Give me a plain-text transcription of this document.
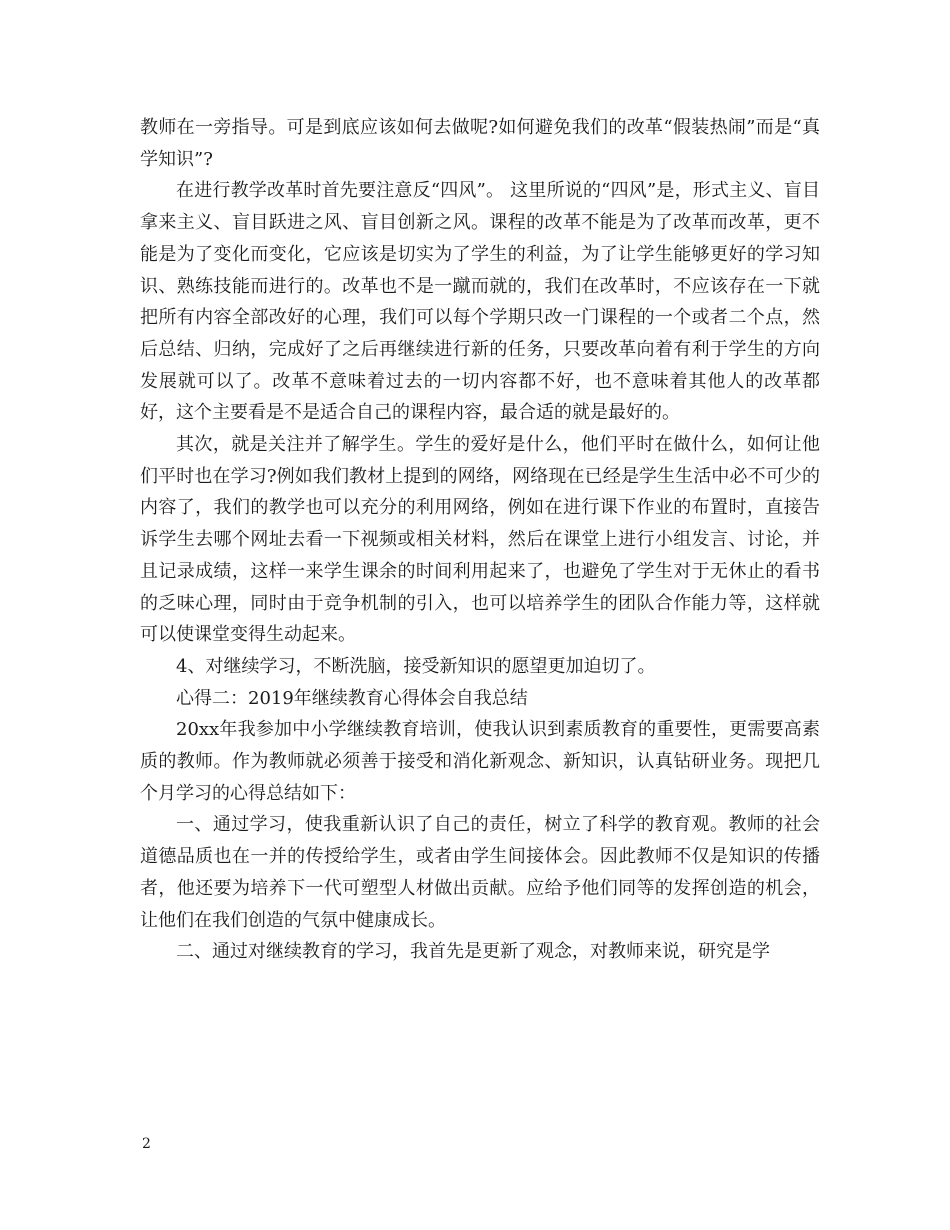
教师在一旁指导。可是到底应该如何去做呢?如何避免我们的改革“假装热闹”而是“真学知识”?

在进行教学改革时首先要注意反“四风”。 这里所说的“四风”是，形式主义、盲目拿来主义、盲目跃进之风、盲目创新之风。课程的改革不能是为了改革而改革，更不能是为了变化而变化，它应该是切实为了学生的利益，为了让学生能够更好的学习知识、熟练技能而进行的。改革也不是一蹴而就的，我们在改革时，不应该存在一下就把所有内容全部改好的心理，我们可以每个学期只改一门课程的一个或者二个点，然后总结、归纳，完成好了之后再继续进行新的任务，只要改革向着有利于学生的方向发展就可以了。改革不意味着过去的一切内容都不好，也不意味着其他人的改革都好，这个主要看是不是适合自己的课程内容，最合适的就是最好的。

其次，就是关注并了解学生。学生的爱好是什么，他们平时在做什么，如何让他们平时也在学习?例如我们教材上提到的网络，网络现在已经是学生生活中必不可少的内容了，我们的教学也可以充分的利用网络，例如在进行课下作业的布置时，直接告诉学生去哪个网址去看一下视频或相关材料，然后在课堂上进行小组发言、讨论，并且记录成绩，这样一来学生课余的时间利用起来了，也避免了学生对于无休止的看书的乏味心理，同时由于竞争机制的引入，也可以培养学生的团队合作能力等，这样就可以使课堂变得生动起来。

4、对继续学习，不断洗脑，接受新知识的愿望更加迫切了。

心得二：2019年继续教育心得体会自我总结

20xx年我参加中小学继续教育培训，使我认识到素质教育的重要性，更需要高素质的教师。作为教师就必须善于接受和消化新观念、新知识，认真钻研业务。现把几个月学习的心得总结如下：

一、通过学习，使我重新认识了自己的责任，树立了科学的教育观。教师的社会道德品质也在一并的传授给学生，或者由学生间接体会。因此教师不仅是知识的传播者，他还要为培养下一代可塑型人材做出贡献。应给予他们同等的发挥创造的机会，让他们在我们创造的气氛中健康成长。

二、通过对继续教育的学习，我首先是更新了观念，对教师来说，研究是学

2
